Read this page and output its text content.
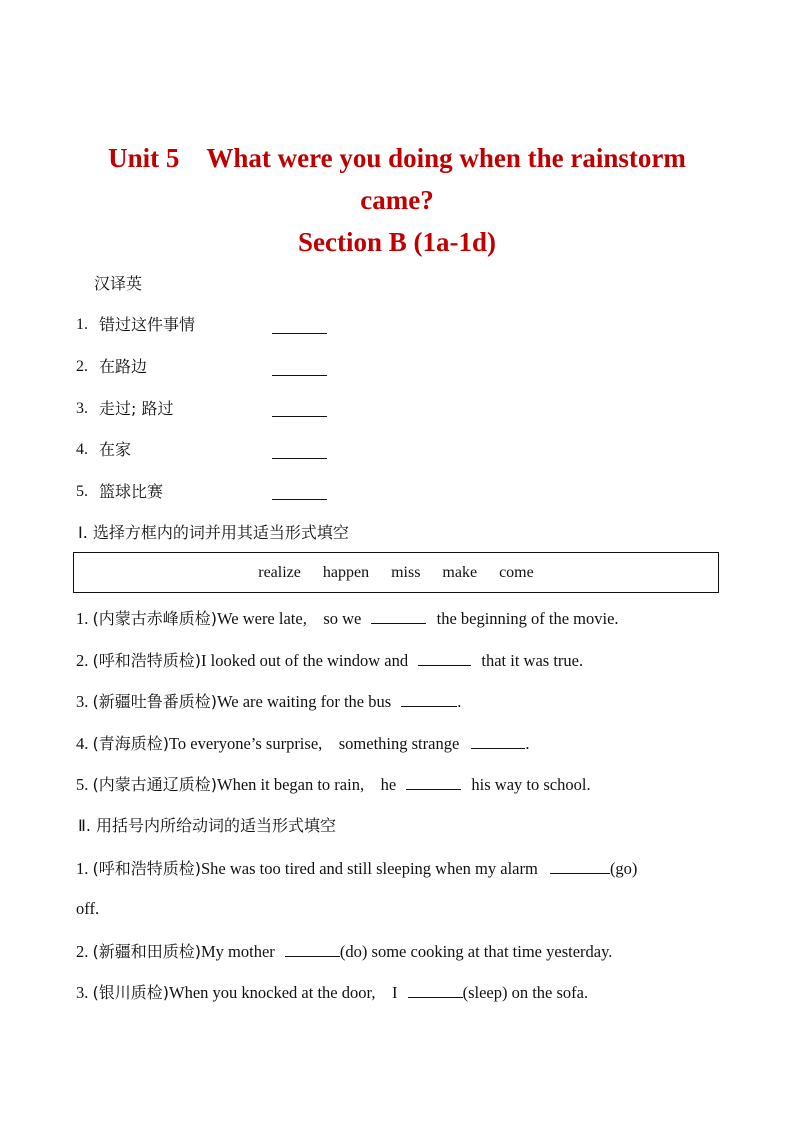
Unit 5　What were you doing when the rainstorm
came?
Section B (1a-1d)
汉译英
1. 错过这件事情
2. 在路边
3. 走过; 路过
4. 在家
5. 篮球比赛
Ⅰ. 选择方框内的词并用其适当形式填空
realize happen miss make come
1. (内蒙古赤峰质检)We were late,　so we	the beginning of the movie.
2. (呼和浩特质检)I looked out of the window and	that it was true.
3. (新疆吐鲁番质检)We are waiting for the bus	.
4. (青海质检)To everyone’s surprise,　something strange	.
5. (内蒙古通辽质检)When it began to rain,　he	his way to school.
Ⅱ. 用括号内所给动词的适当形式填空
1. (呼和浩特质检)She was too tired and still sleeping when my alarm	(go)
off.
2. (新疆和田质检)My mother	(do) some cooking at that time yesterday.
3. (银川质检)When you knocked at the door,　I	(sleep) on the sofa.
